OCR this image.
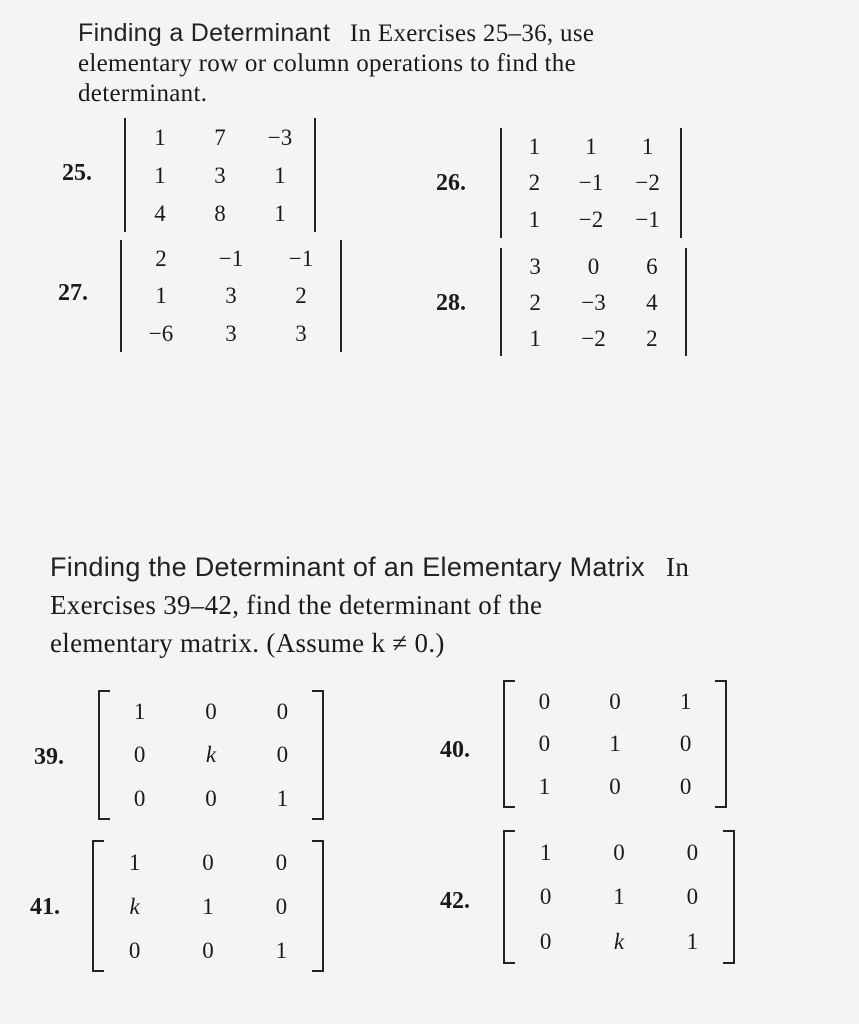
Finding a Determinant In Exercises 25–36, use
elementary row or column operations to find the
determinant.
25.
1	7	−3
1	3	1
4	8	1
26.
1	1	1
2	−1	−2
1	−2	−1
27.
2	−1	−1
1	3	2
−6	3	3
28.
3	0	6
2	−3	4
1	−2	2
Finding the Determinant of an Elementary Matrix In
Exercises 39–42, find the determinant of the
elementary matrix. (Assume k ≠ 0.)
39.
1	0	0
0	k	0
0	0	1
40.
0	0	1
0	1	0
1	0	0
41.
1	0	0
k	1	0
0	0	1
42.
1	0	0
0	1	0
0	k	1
